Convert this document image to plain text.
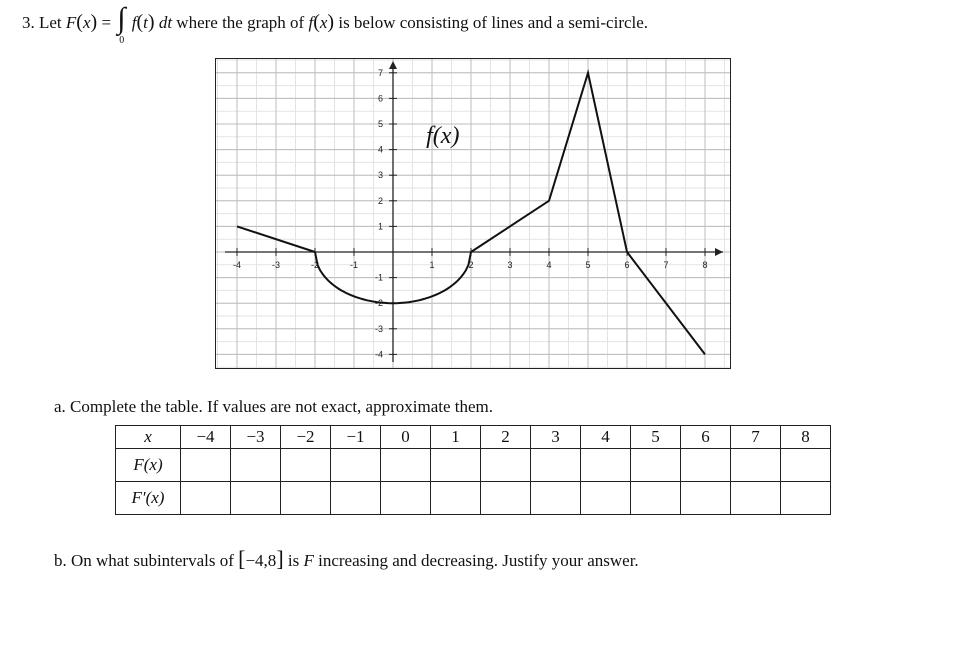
3. Let F(x) = ∫
0
f(t) dt where the graph of f(x) is below consisting of lines and a semi-circle.
-4	-3	-2	-1	1	2	3	4	5	6	7	8
7
6
5
4
3
2
1
-1
-2
-3
-4
f(x)
a. Complete the table. If values are not exact, approximate them.
x	−4	−3	−2	−1	0	1	2	3	4	5	6	7	8
F(x)													
F′(x)													
b. On what subintervals of [−4,8] is F increasing and decreasing. Justify your answer.
